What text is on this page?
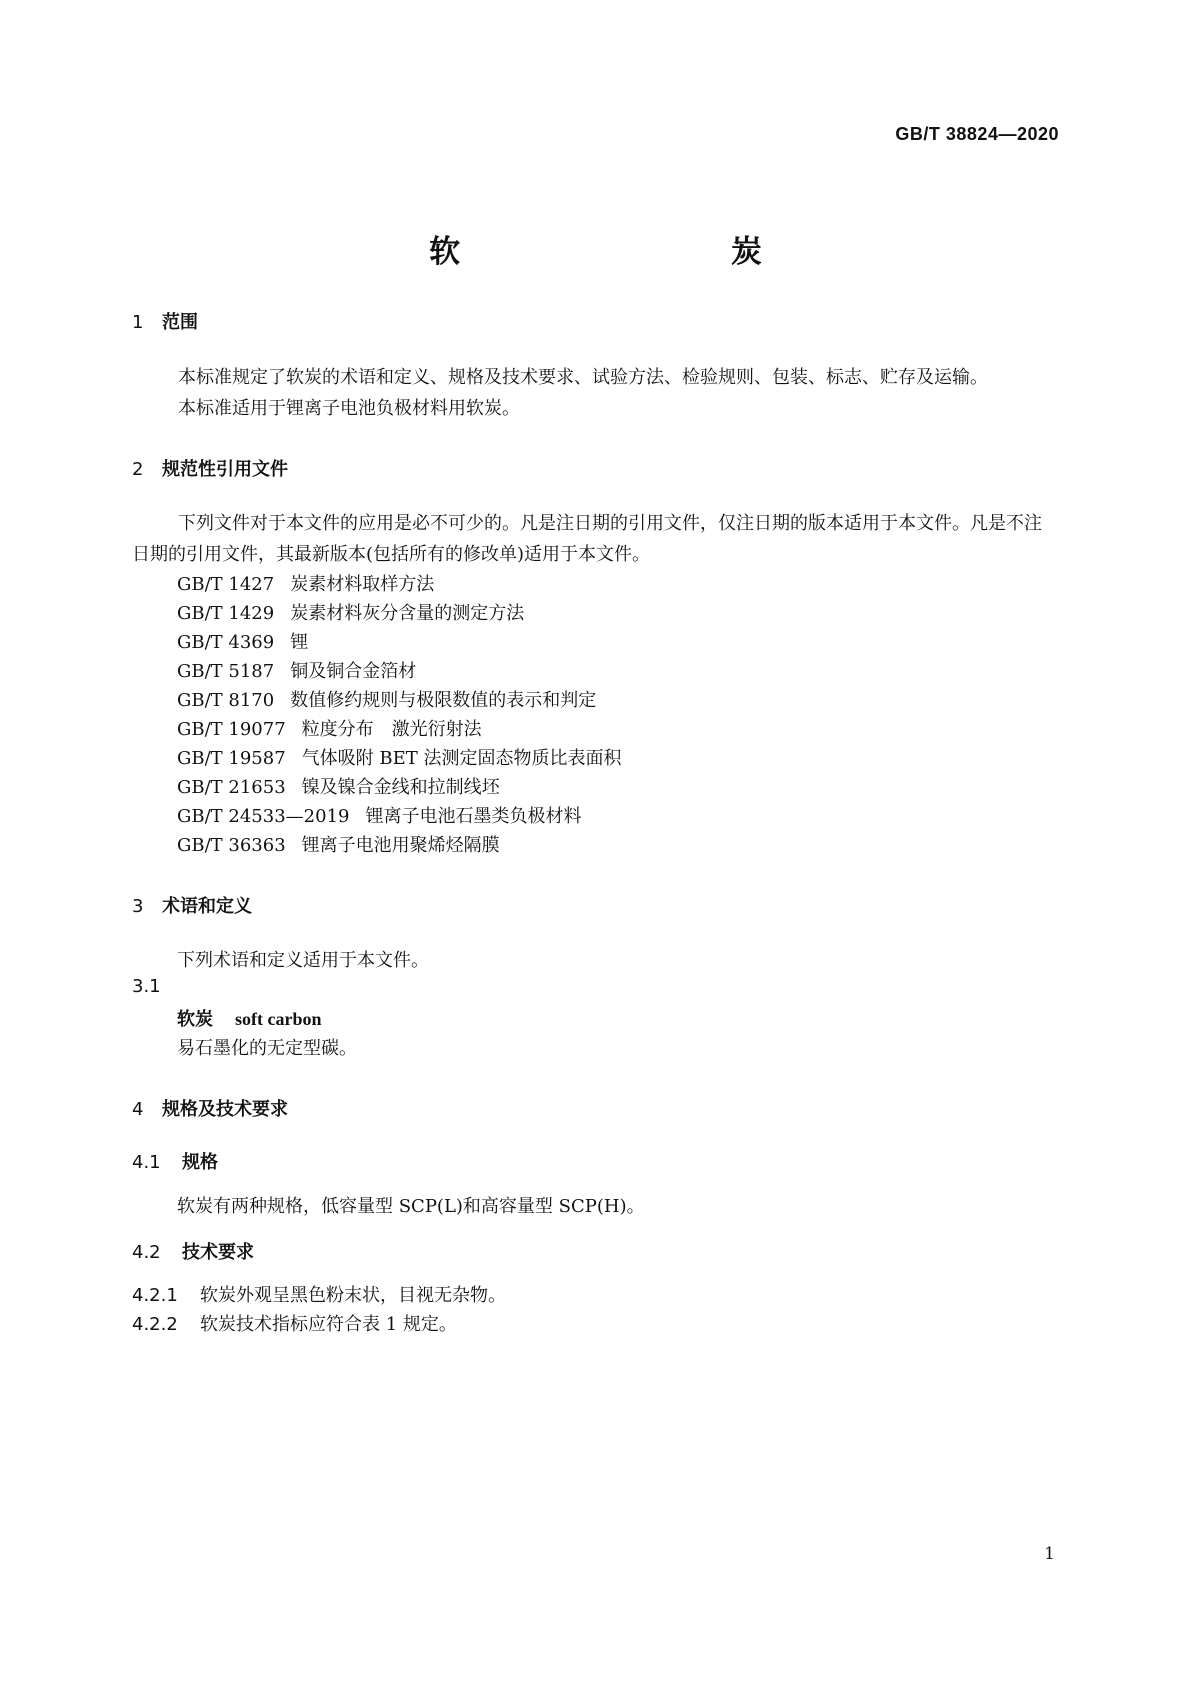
GB/T 38824—2020
软 炭
1 范围
本标准规定了软炭的术语和定义、规格及技术要求、试验方法、检验规则、包装、标志、贮存及运输。
本标准适用于锂离子电池负极材料用软炭。
2 规范性引用文件
下列文件对于本文件的应用是必不可少的。凡是注日期的引用文件，仅注日期的版本适用于本文件。凡是不注日期的引用文件，其最新版本(包括所有的修改单)适用于本文件。
GB/T 1427 炭素材料取样方法
GB/T 1429 炭素材料灰分含量的测定方法
GB/T 4369 锂
GB/T 5187 铜及铜合金箔材
GB/T 8170 数值修约规则与极限数值的表示和判定
GB/T 19077 粒度分布　激光衍射法
GB/T 19587 气体吸附 BET 法测定固态物质比表面积
GB/T 21653 镍及镍合金线和拉制线坯
GB/T 24533—2019 锂离子电池石墨类负极材料
GB/T 36363 锂离子电池用聚烯烃隔膜
3 术语和定义
下列术语和定义适用于本文件。
3.1
软炭 soft carbon
易石墨化的无定型碳。
4 规格及技术要求
4.1 规格
软炭有两种规格，低容量型 SCP(L)和高容量型 SCP(H)。
4.2 技术要求
4.2.1 软炭外观呈黑色粉末状，目视无杂物。
4.2.2 软炭技术指标应符合表 1 规定。
1
